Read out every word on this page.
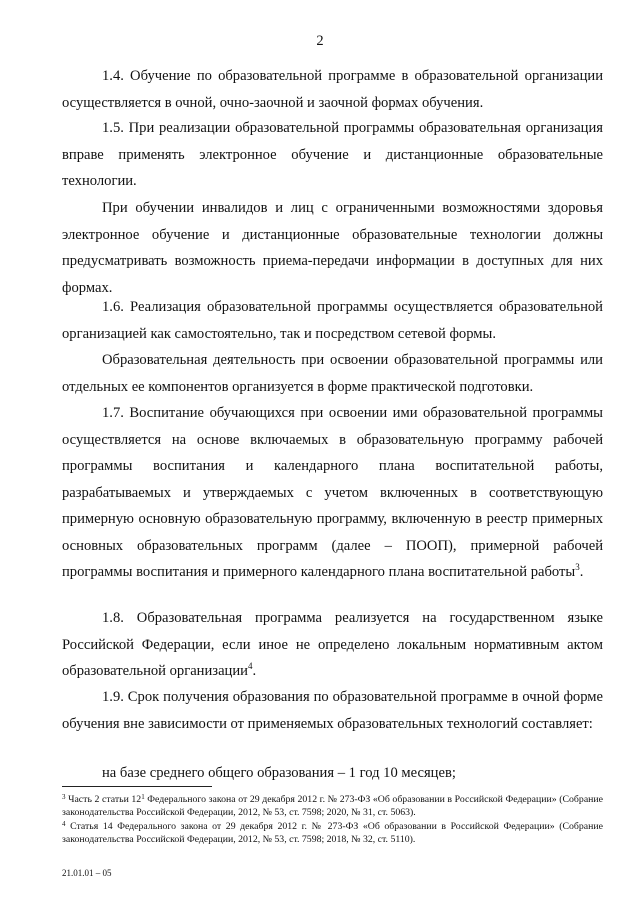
2
1.4. Обучение по образовательной программе в образовательной организации осуществляется в очной, очно-заочной и заочной формах обучения.
1.5. При реализации образовательной программы образовательная организация вправе применять электронное обучение и дистанционные образовательные технологии.
При обучении инвалидов и лиц с ограниченными возможностями здоровья электронное обучение и дистанционные образовательные технологии должны предусматривать возможность приема-передачи информации в доступных для них формах.
1.6. Реализация образовательной программы осуществляется образовательной организацией как самостоятельно, так и посредством сетевой формы.
Образовательная деятельность при освоении образовательной программы или отдельных ее компонентов организуется в форме практической подготовки.
1.7. Воспитание обучающихся при освоении ими образовательной программы осуществляется на основе включаемых в образовательную программу рабочей программы воспитания и календарного плана воспитательной работы, разрабатываемых и утверждаемых с учетом включенных в соответствующую примерную основную образовательную программу, включенную в реестр примерных основных образовательных программ (далее – ПООП), примерной рабочей программы воспитания и примерного календарного плана воспитательной работы$^3$.
1.8. Образовательная программа реализуется на государственном языке Российской Федерации, если иное не определено локальным нормативным актом образовательной организации$^4$.
1.9. Срок получения образования по образовательной программе в очной форме обучения вне зависимости от применяемых образовательных технологий составляет:
на базе среднего общего образования – 1 год 10 месяцев;
$^3$ Часть 2 статьи $12^1$ Федерального закона от 29 декабря 2012 г. № 273-ФЗ «Об образовании в Российской Федерации» (Собрание законодательства Российской Федерации, 2012, № 53, ст. 7598; 2020, № 31, ст. 5063).
$^4$ Статья 14 Федерального закона от 29 декабря 2012 г. № 273-ФЗ «Об образовании в Российской Федерации» (Собрание законодательства Российской Федерации, 2012, № 53, ст. 7598; 2018, № 32, ст. 5110).
21.01.01 – 05
